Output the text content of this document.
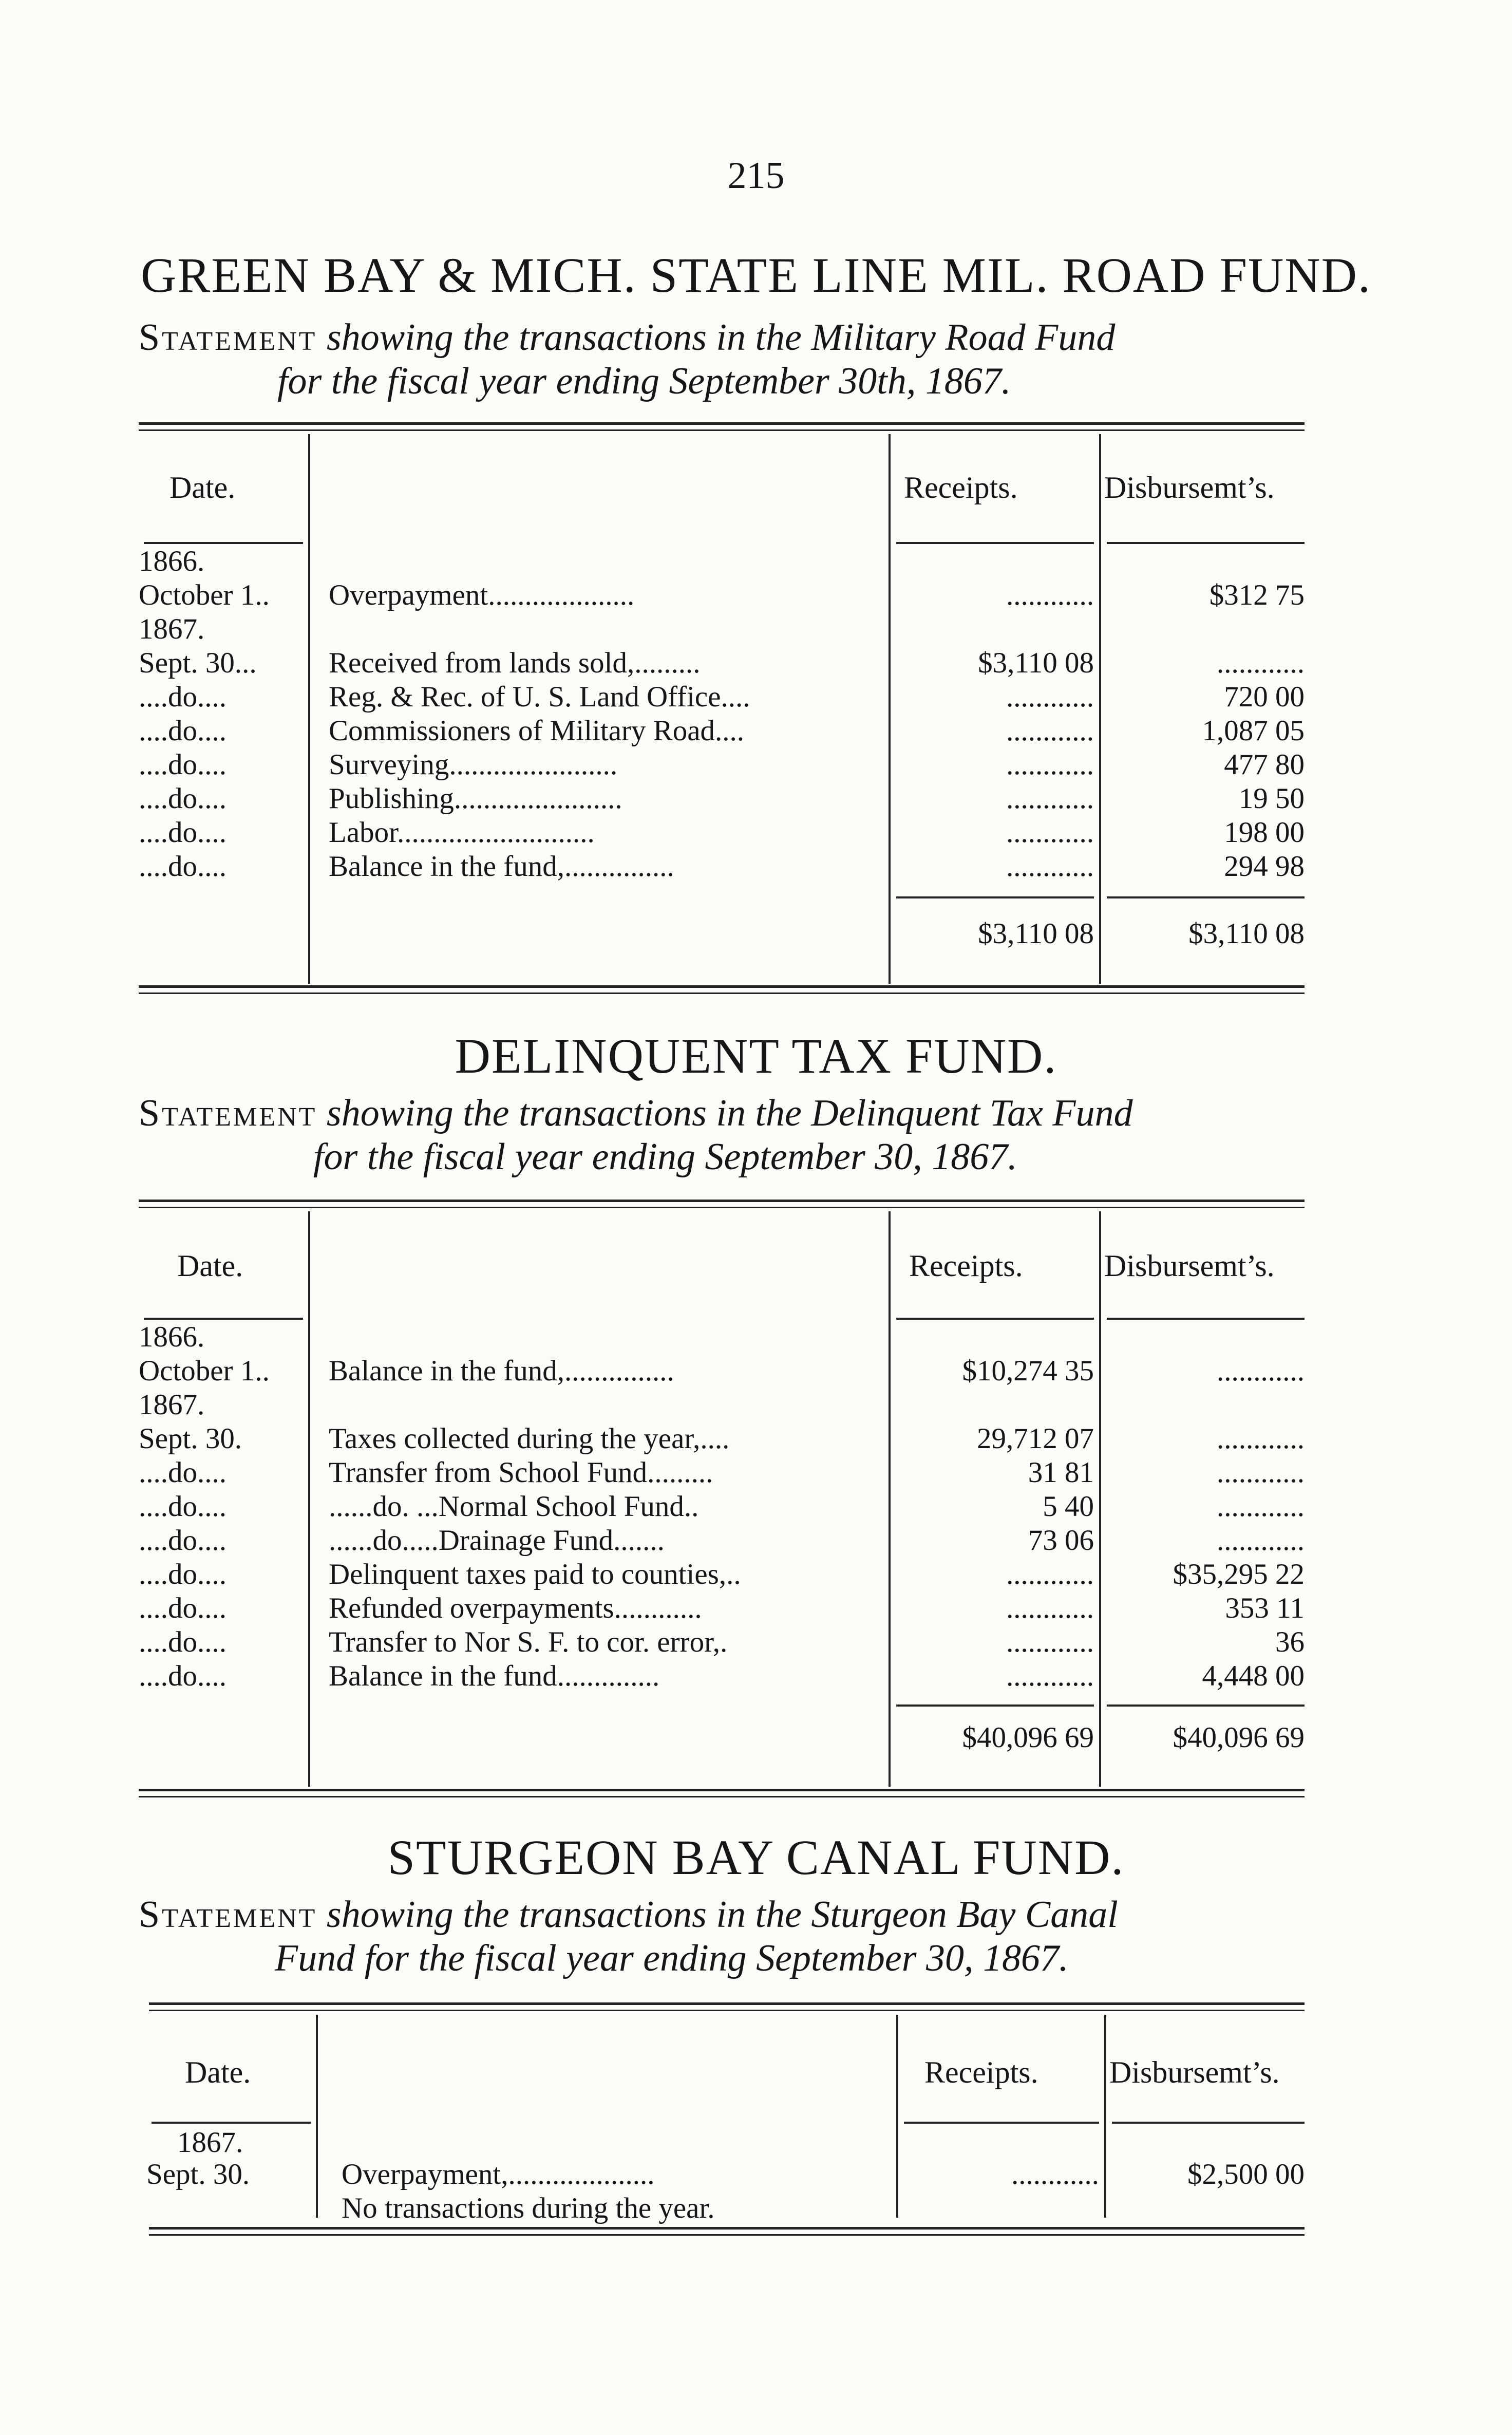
215
GREEN BAY & MICH. STATE LINE MIL. ROAD FUND.
Statement showing the transactions in the Military Road Fund
for the fiscal year ending September 30th, 1867.
Date.	Receipts.	Disbursemt’s.
1866.
October 1..	Overpayment....................	............	$312 75
1867.
Sept. 30...	Received from lands sold,.........	$3,110 08	............
....do....	Reg. & Rec. of U. S. Land Office....	............	720 00
....do....	Commissioners of Military Road....	............	1,087 05
....do....	Surveying.......................	............	477 80
....do....	Publishing.......................	............	19 50
....do....	Labor...........................	............	198 00
....do....	Balance in the fund,...............	............	294 98
$3,110 08	$3,110 08
DELINQUENT TAX FUND.
Statement showing the transactions in the Delinquent Tax Fund
for the fiscal year ending September 30, 1867.
Date.	Receipts.	Disbursemt’s.
1866.
October 1..	Balance in the fund,...............	$10,274 35	............
1867.
Sept. 30.	Taxes collected during the year,....	29,712 07	............
....do....	Transfer from School Fund.........	31 81	............
....do....	......do. ...Normal School Fund..	5 40	............
....do....	......do.....Drainage Fund.......	73 06	............
....do....	Delinquent taxes paid to counties,..	............	$35,295 22
....do....	Refunded overpayments............	............	353 11
....do....	Transfer to Nor S. F. to cor. error,.	............	36
....do....	Balance in the fund..............	............	4,448 00
$40,096 69	$40,096 69
STURGEON BAY CANAL FUND.
Statement showing the transactions in the Sturgeon Bay Canal
Fund for the fiscal year ending September 30, 1867.
Date.	Receipts. Disbursemt’s.
1867.
Sept. 30.	Overpayment,....................	............	$2,500 00
No transactions during the year.
